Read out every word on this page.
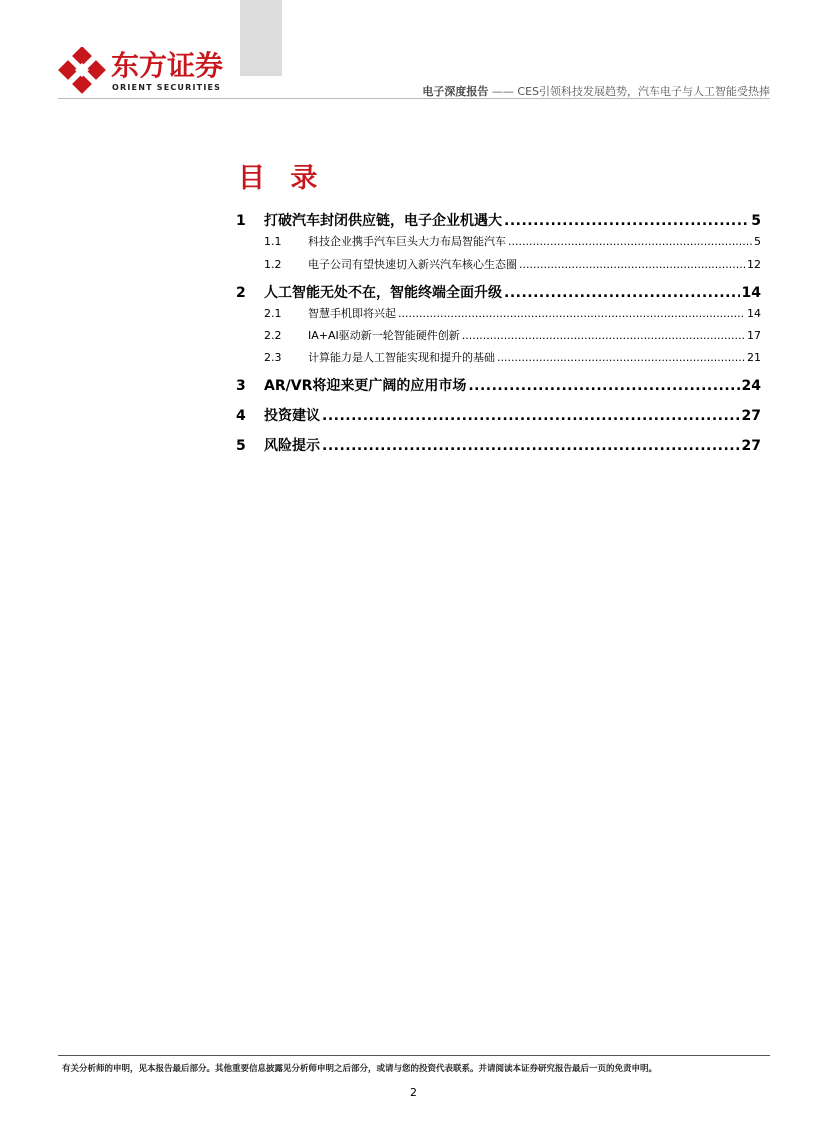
东方证券
ORIENT SECURITIES	电子深度报告 —— CES引领科技发展趋势，汽车电子与人工智能受热捧
目 录
1	打破汽车封闭供应链，电子企业机遇大 .....	5
1.1	科技企业携手汽车巨头大力布局智能汽车 .....	5
1.2	电子公司有望快速切入新兴汽车核心生态圈 .....	12
2	人工智能无处不在，智能终端全面升级 .....	14
2.1	智慧手机即将兴起 .....	14
2.2	IA+AI驱动新一轮智能硬件创新 .....	17
2.3	计算能力是人工智能实现和提升的基础 .....	21
3	AR/VR将迎来更广阔的应用市场 .....	24
4	投资建议 .....	27
5	风险提示 .....	27
有关分析师的申明，见本报告最后部分。其他重要信息披露见分析师申明之后部分，或请与您的投资代表联系。并请阅读本证券研究报告最后一页的免责申明。
2
